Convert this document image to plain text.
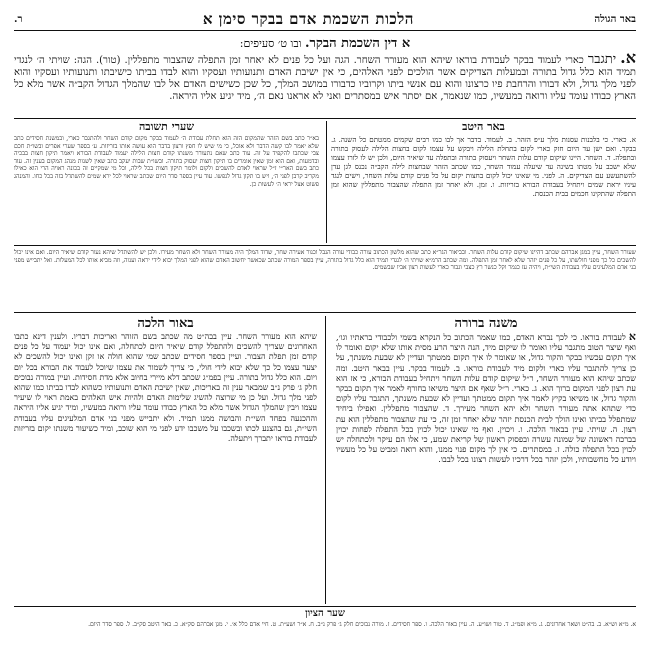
באר הגולה
הלכות השכמת אדם בבקר סימן א
ר.
א דין השכמת הבקר. ובו ט׳ סעיפים:
א. יתגבר כארי לעמוד בבקר לעבודת בוראו שיהא הוא מעורר השחר. הגה ועל כל פנים לא יאחר זמן התפלה שהצבור מתפללין. (טור). הגה: שויתי ה׳ לנגדי תמיד הוא כלל גדול בתורה ובמעלות הצדיקים אשר הולכים לפני האלהים, כי אין ישיבת האדם ותנועותיו ועסקיו והוא לבדו בביתו כישיבתו ותנועותיו ועסקיו והוא לפני מלך גדול, ולא דבורו והרחבת פיו כרצונו והוא עם אנשי ביתו וקרוביו כדבורו במושב המלך, כל שכן כשישים האדם אל לבו שהמלך הגדול הקב״ה אשר מלא כל הארץ כבודו עומד עליו ורואה במעשיו, כמו שנאמר, אם יסתר איש במסתרים ואני לא אראנו נאם ה׳, מיד יגיע אליו היראה.
באר היטב
א. כארי. כי בלבנות עסנות מלך ע״פ הזהר. ב. לעמוד. בדבר אך לבו כמו רבים שקמים ממטתם כל השנה. ג. בבקר. ואם ישן עד היום חזק כארי לקום בתחלת הלילה ויבקש על עצמו לקום בחצות הלילה לעסוק בתורה ובתפלה. ד. השחר. היינו שיקום קודם עלות השחר ויעסוק בתורה ובתפלה עד שיאיר היום, ולכן יש לו לזרז עצמו שלא ישכב על מטתו בשינה עד שיעלה עמוד השחר, כמו שכתב הזהר שבחצות לילה הקב״ה נכנס לגן עדן להשתעשע עם הצדיקים. ה. לפני. מי שאינו יכול לקום בחצות יקום על כל פנים קודם עלות השחר, וישים לנגד עיניו יראת שמים ויתחיל בעבודת הבורא בזריזות. ו. זמן. ולא יאחר זמן התפלה שהצבור מתפללין שהוא זמן התפלה שהתקינו חכמים בבית הכנסת.
שערי תשובה
בא״ר כתב בשם הזהר שהמקום הזה הוא תחלת עבודת ה׳ לעמוד בבקר מקום קודם השחר ולהתגבר כארי, ובמשנת חסידים כתב שלא יאמר לבו קשה הדבר ולא אוכל, כי מי שיש לו חפץ ורצון בדבר הוא עושה אותו בזריזות. ע׳ בספר שערי אפרים ובשו״ת חכם צבי שכתבו להקפיד על זה. עוד כתב שאם נתעורר משנתו קודם חצות הלילה יעמוד לעבודת הבורא ויאמר תיקון חצות בבכיה ובדמעות, ואם הוא זמן שאין אומרים בו תיקון חצות יעסוק בתורה. ובשו״ת שבות יעקב כתב שאין לשנות מנהג המקום בענין זה. עוד כתב בשם האר״י ז״ל שראוי לאדם להשכים ולקום ולומר תיקון חצות בכל לילה, וכל מי שמקיים זה בכונה ראויה הרי הוא כאילו מקריב קרבן לפני ה׳, ויש בו תקון גדול לנפשו. עוד עיין בספר סדר היום שכתב שראוי לכל ירא שמים להשתדל בזה בכל כחו. והמנהג פשוט אצל יראי ה׳ לעשות כן.
שעורר השחר, עיין במגן אברהם שכתב דהיינו שיקום קודם עלות השחר. ובביאור הגר״א כתב שהוא מלשון הכתוב עורה כבודי עורה הנבל וכנור אעירה שחר, שדוד המלך היה מעורר השחר ולא השחר מעירו. ולכן יש להשתדל שיהא נעור קודם שיאיר היום. ואם אינו יכול להשכים כל כך מפני חולשתו, על כל פנים יזהר שלא לאחר זמן התפלה. ומה שכתב הרמ״א שויתי ה׳ לנגדי תמיד הוא כלל גדול בתורה, עיין בספר המורה שכתב שכאשר יחשוב האדם שהוא לפני המלך יבוא לידי יראה וענוה, וזה מביא אותו לכל המעלות. ואל יתבייש מפני בני אדם המלעיגים עליו בעבודת השי״ת, ויהיה עז כנמר וקל כנשר רץ כצבי וגבור כארי לעשות רצון אביו שבשמים.
משנה ברורה
א לעבודת בוראו. כי לכך נברא האדם, כמו שאמר הכתוב כל הנקרא בשמי ולכבודי בראתיו וגו׳, ואף שיצר הטוב מתגבר עליו ואומר לו שיקום מיד, הנה היצר הרע מסית אותו שלא יקום ואומר לו איך תקום עכשיו בבקר והקור גדול, או שאומר לו איך תקום ממטתך ועדיין לא שבעת משנתך, על כן צריך להתגבר עליו כארי ולקום מיד לעבודת בוראו. ב. לעמוד בבקר. עיין בבאר היטב. ומה שכתב שיהא הוא מעורר השחר, ר״ל שיקום קודם עלות השחר ויתחיל בעבודת הבורא, כי אז הוא עת רצון לפני המקום ברוך הוא. ג. כארי. ר״ל שאף אם היצר משיאו בחורף לאמר איך תקום בבקר והקור גדול, או משיאו בקיץ לאמר איך תקום ממטתך ועדיין לא שבעת משנתך, התגבר עליו לקום כדי שתהא אתה מעורר השחר ולא יהא השחר מעירך. ד. שהצבור מתפללין. ואפילו ביחיד שמתפלל בביתו ואינו הולך לבית הכנסת יזהר שלא יאחר זמן זה, כי עת שהצבור מתפללין הוא עת רצון. ה. שויתי. עיין בבאור הלכה. ו. ויכוין. ואף מי שאינו יכול לכוין בכל התפלה לפחות יכוין בברכה ראשונה של שמונה עשרה ובפסוק ראשון של קריאת שמע, כי אלו הם עיקר ולכתחלה יש לכוין בכל התפלה כולה. ז. במסתרים. כי אין לך מקום פנוי ממנו, והוא רואה ומביט על כל מעשיו ויודע כל מחשבותיו, ולכן יזהר בכל דרכיו לעשות רצונו בכל לבבו.
באור הלכה
שיהא הוא מעורר השחר. עיין בבה״ט מה שכתב בשם הזוהר ואריכות דבריו. ולענין דינא כתבו האחרונים שצריך להשכים ולהתפלל קודם שיאיר היום לכתחלה, ואם אינו יכול יעמוד על כל פנים קודם זמן תפלת הצבור. ועיין בספר חסידים שכתב שמי שהוא חולה או זקן ואינו יכול להשכים לא יצער עצמו כל כך שלא יבוא לידי חולי, כי צריך לשמור את עצמו שיוכל לעבוד את הבורא בכל יום ויום. הוא כלל גדול בתורה. עיין בפמ״ג שכתב דלא מיירי בחיוב אלא מדת חסידות. ועיין במורה נבוכים חלק ג׳ פרק נ״ב שמבאר ענין זה באריכות, שאין ישיבת האדם ותנועותיו כשהוא לבדו בביתו כמו שהוא לפני מלך גדול. ועל כן מי שרוצה להשיג שלימות האדם ולהיות איש האלהים באמת ראוי לו שיעיר עצמו ויבין שהמלך הגדול אשר מלא כל הארץ כבודו עומד עליו ורואה במעשיו, ומיד יגיע אליו היראה וההכנעה בפחד השי״ת והבושה ממנו תמיד. ולא יתבייש מפני בני אדם המלעיגים עליו בעבודת השי״ת, גם בהצנע לכתו ובשכבו על משכבו ידע לפני מי הוא שוכב, ומיד כשיעור משנתו יקום בזריזות לעבודת בוראו יתברך ויתעלה.
שער הציון
א. מ״א וש״א. ב. בה״ט ושאר אחרונים. ג. מ״א ופמ״ג. ד. טור ושו״ע. ה. עיין באור הלכה. ו. ספר חסידים. ז. מורה נבוכים חלק ג׳ פרק נ״ב. ח. א״ר ושע״ת. ט. חיי אדם כלל א׳. י. מגן אברהם סק״א. כ. באר היטב סק״ב. ל. ספר סדר היום.
